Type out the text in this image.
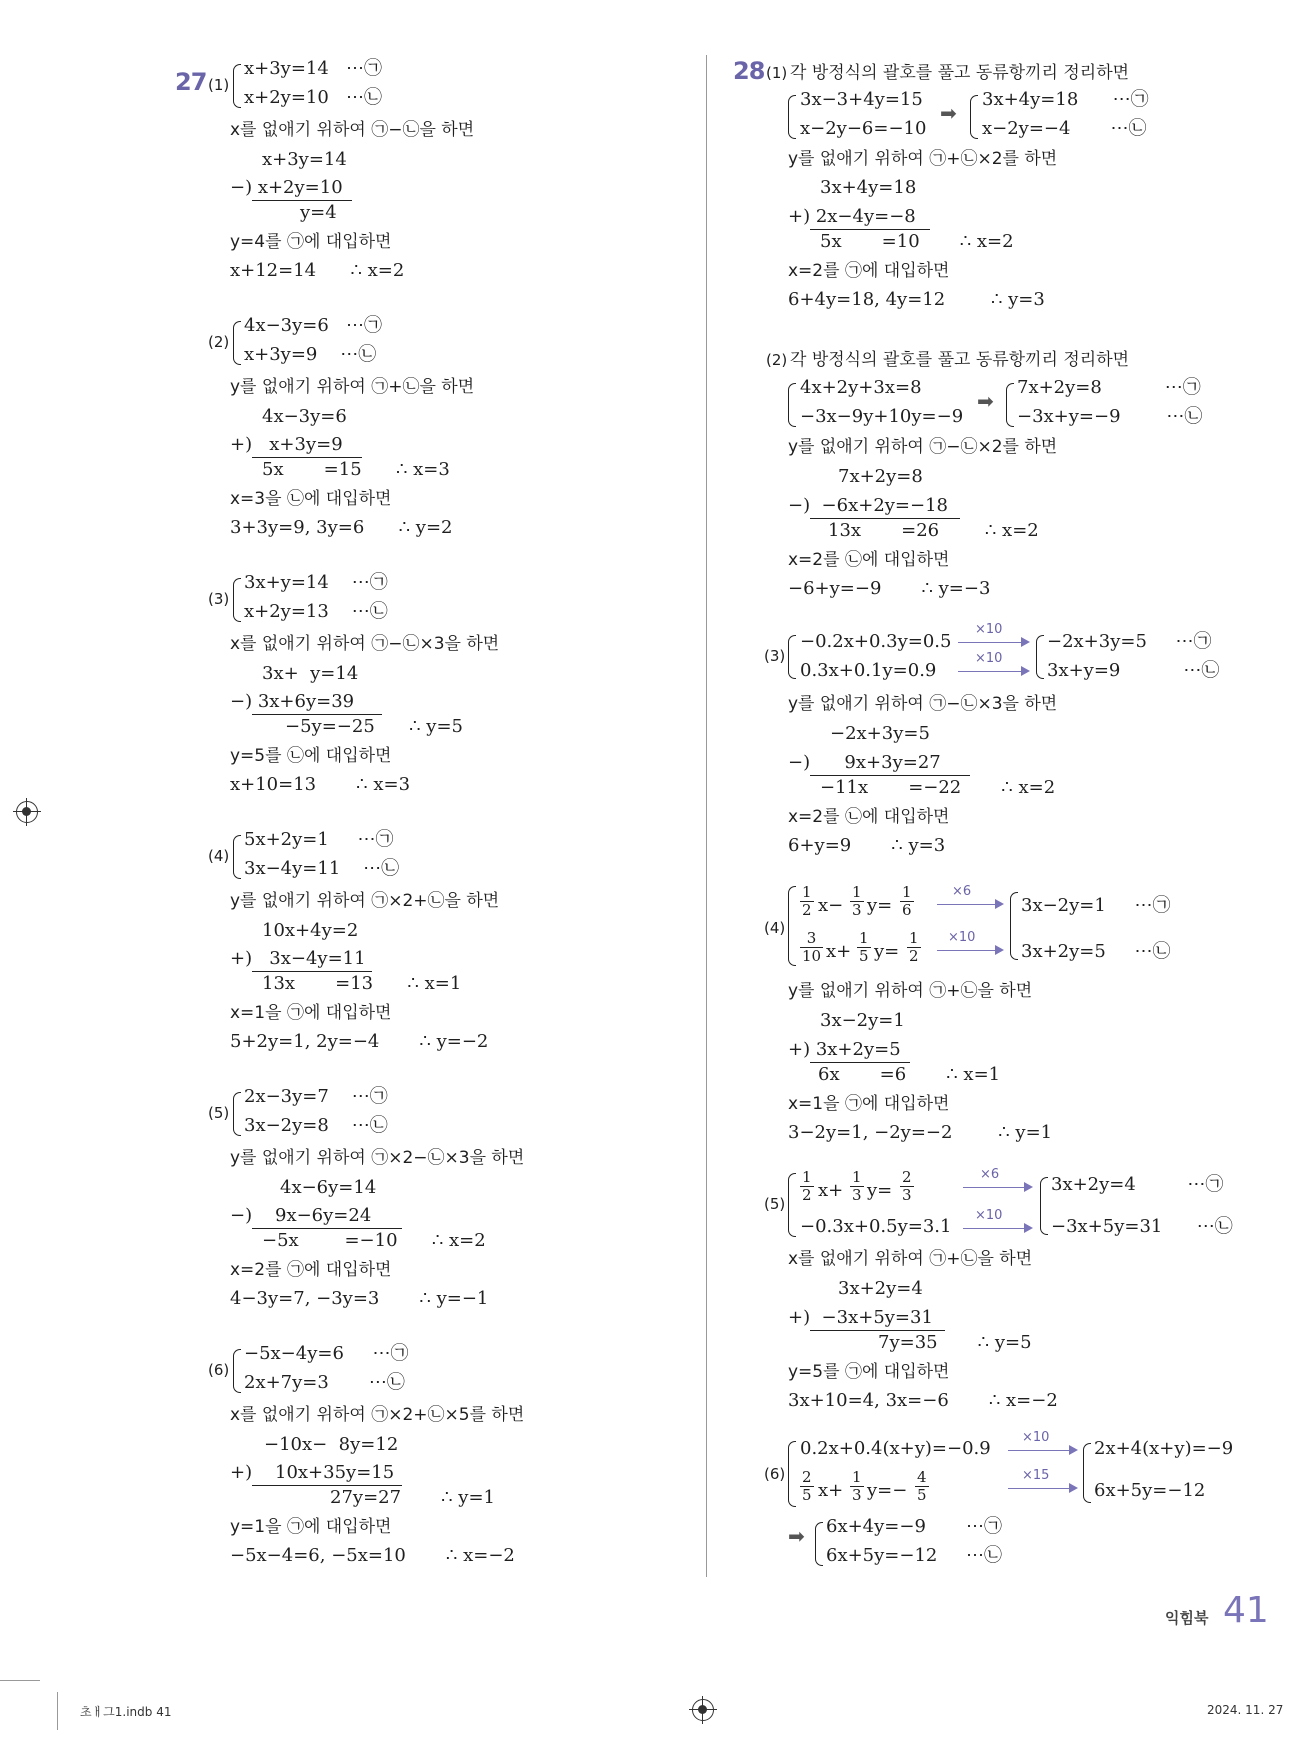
27 (1)
x+3y=14   ⋯㉠
x+2y=10   ⋯㉡
x를 없애기 위하여 ㉠−㉡을 하면
x+3y=14
−) x+2y=10
y=4
y=4를 ㉠에 대입하면
x+12=14      ∴ x=2
(2)
4x−3y=6   ⋯㉠
x+3y=9    ⋯㉡
y를 없애기 위하여 ㉠+㉡을 하면
4x−3y=6
+)   x+3y=9
5x       =15      ∴ x=3
x=3을 ㉡에 대입하면
3+3y=9, 3y=6      ∴ y=2
(3)
3x+y=14    ⋯㉠
x+2y=13    ⋯㉡
x를 없애기 위하여 ㉠−㉡×3을 하면
3x+  y=14
−) 3x+6y=39
−5y=−25      ∴ y=5
y=5를 ㉡에 대입하면
x+10=13       ∴ x=3
(4)
5x+2y=1     ⋯㉠
3x−4y=11    ⋯㉡
y를 없애기 위하여 ㉠×2+㉡을 하면
10x+4y=2
+)   3x−4y=11
13x       =13      ∴ x=1
x=1을 ㉠에 대입하면
5+2y=1, 2y=−4       ∴ y=−2
(5)
2x−3y=7    ⋯㉠
3x−2y=8    ⋯㉡
y를 없애기 위하여 ㉠×2−㉡×3을 하면
4x−6y=14
−)    9x−6y=24
−5x        =−10      ∴ x=2
x=2를 ㉠에 대입하면
4−3y=7, −3y=3       ∴ y=−1
(6)
−5x−4y=6     ⋯㉠
2x+7y=3       ⋯㉡
x를 없애기 위하여 ㉠×2+㉡×5를 하면
−10x−  8y=12
+)    10x+35y=15
27y=27       ∴ y=1
y=1을 ㉠에 대입하면
−5x−4=6, −5x=10       ∴ x=−2
28 (1) 각 방정식의 괄호를 풀고 동류항끼리 정리하면
3x−3+4y=15
x−2y−6=−10
➡
3x+4y=18      ⋯㉠
x−2y=−4       ⋯㉡
y를 없애기 위하여 ㉠+㉡×2를 하면
3x+4y=18
+) 2x−4y=−8
5x       =10       ∴ x=2
x=2를 ㉠에 대입하면
6+4y=18, 4y=12        ∴ y=3
(2) 각 방정식의 괄호를 풀고 동류항끼리 정리하면
4x+2y+3x=8
−3x−9y+10y=−9
➡
7x+2y=8           ⋯㉠
−3x+y=−9        ⋯㉡
y를 없애기 위하여 ㉠−㉡×2를 하면
7x+2y=8
−)  −6x+2y=−18
13x       =26        ∴ x=2
x=2를 ㉡에 대입하면
−6+y=−9       ∴ y=−3
(3)
−0.2x+0.3y=0.5
0.3x+0.1y=0.9
×10
×10
−2x+3y=5     ⋯㉠
3x+y=9           ⋯㉡
y를 없애기 위하여 ㉠−㉡×3을 하면
−2x+3y=5
−)      9x+3y=27
−11x       =−22       ∴ x=2
x=2를 ㉡에 대입하면
6+y=9       ∴ y=3
(4)
$\frac{1}{2} x- \frac{1}{3} y= \frac{1}{6}$
$\frac{3}{10} x+ \frac{1}{5} y= \frac{1}{2}$
×6
×10
3x−2y=1     ⋯㉠
3x+2y=5     ⋯㉡
y를 없애기 위하여 ㉠+㉡을 하면
3x−2y=1
+) 3x+2y=5
6x       =6       ∴ x=1
x=1을 ㉠에 대입하면
3−2y=1, −2y=−2        ∴ y=1
$(5) \frac{1}{2} x+ \frac{1}{3} y= \frac{2}{3}$
−0.3x+0.5y=3.1
×6
×10
3x+2y=4         ⋯㉠
−3x+5y=31      ⋯㉡
x를 없애기 위하여 ㉠+㉡을 하면
3x+2y=4
+)  −3x+5y=31
7y=35       ∴ y=5
y=5를 ㉠에 대입하면
3x+10=4, 3x=−6       ∴ x=−2
(6)
0.2x+0.4(x+y)=−0.9
$\frac{2}{5} x+ \frac{1}{3} y=- \frac{4}{5}$
×10
×15
2x+4(x+y)=−9
6x+5y=−12
➡ 6x+4y=−9       ⋯㉠
6x+5y=−12     ⋯㉡
익힘북 41
초ㅐ그1.indb 41	2024. 11. 27
